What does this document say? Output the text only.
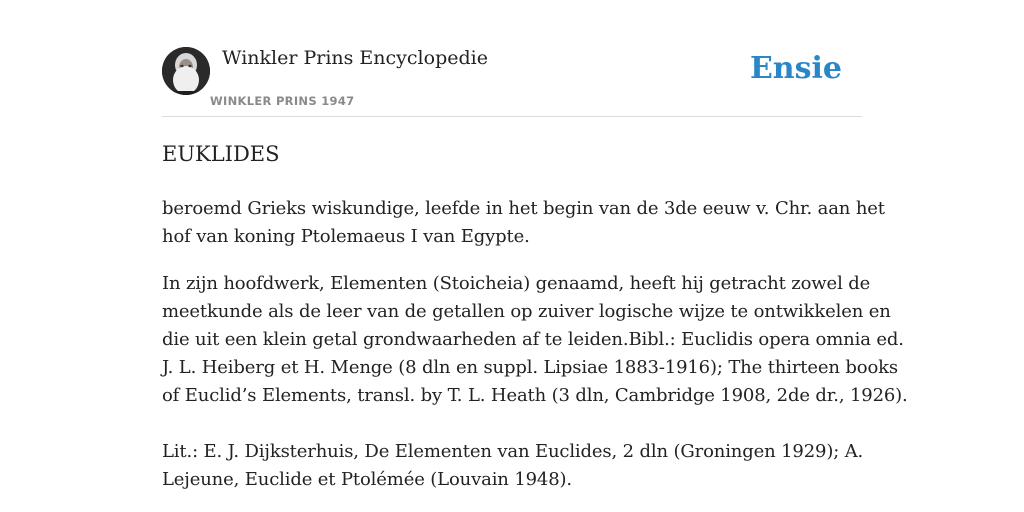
Winkler Prins Encyclopedie
WINKLER PRINS 1947
Ensie
EUKLIDES

beroemd Grieks wiskundige, leefde in het begin van de 3de eeuw v. Chr. aan het
hof van koning Ptolemaeus I van Egypte.

In zijn hoofdwerk, Elementen (Stoicheia) genaamd, heeft hij getracht zowel de
meetkunde als de leer van de getallen op zuiver logische wijze te ontwikkelen en
die uit een klein getal grondwaarheden af te leiden.Bibl.: Euclidis opera omnia ed.
J. L. Heiberg et H. Menge (8 dln en suppl. Lipsiae 1883-1916); The thirteen books
of Euclid’s Elements, transl. by T. L. Heath (3 dln, Cambridge 1908, 2de dr., 1926).
Lit.: E. J. Dijksterhuis, De Elementen van Euclides, 2 dln (Groningen 1929); A.
Lejeune, Euclide et Ptolémée (Louvain 1948).
